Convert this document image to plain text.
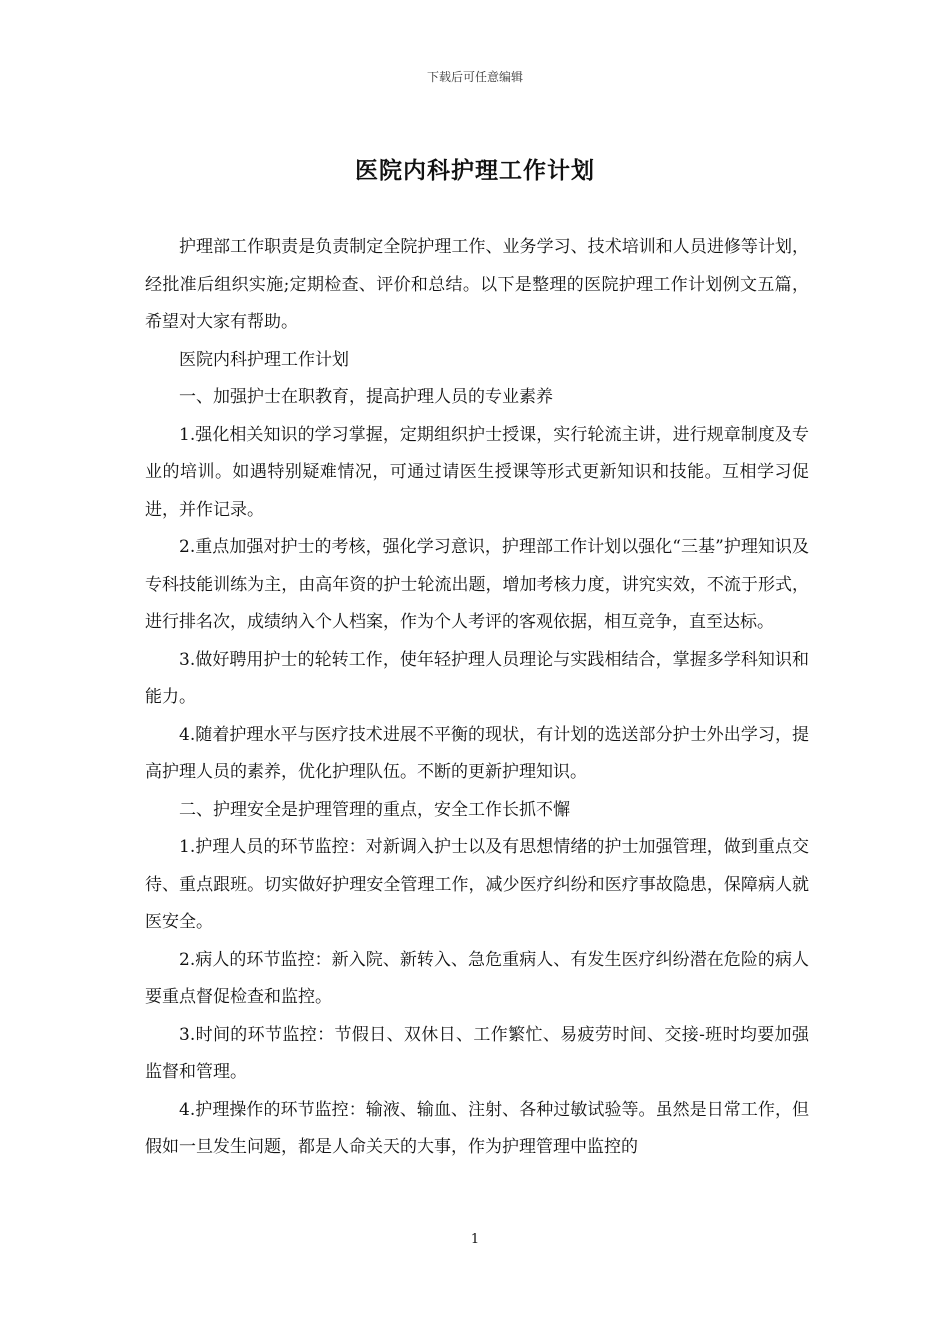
下载后可任意编辑
医院内科护理工作计划

护理部工作职责是负责制定全院护理工作、业务学习、技术培训和人员进修等计划，经批准后组织实施;定期检查、评价和总结。以下是整理的医院护理工作计划例文五篇，希望对大家有帮助。

医院内科护理工作计划

一、加强护士在职教育，提高护理人员的专业素养

1.强化相关知识的学习掌握，定期组织护士授课，实行轮流主讲，进行规章制度及专业的培训。如遇特别疑难情况，可通过请医生授课等形式更新知识和技能。互相学习促进，并作记录。

2.重点加强对护士的考核，强化学习意识，护理部工作计划以强化“三基”护理知识及专科技能训练为主，由高年资的护士轮流出题，增加考核力度，讲究实效，不流于形式，进行排名次，成绩纳入个人档案，作为个人考评的客观依据，相互竞争，直至达标。

3.做好聘用护士的轮转工作，使年轻护理人员理论与实践相结合，掌握多学科知识和能力。

4.随着护理水平与医疗技术进展不平衡的现状，有计划的选送部分护士外出学习，提高护理人员的素养，优化护理队伍。不断的更新护理知识。

二、护理安全是护理管理的重点，安全工作长抓不懈

1.护理人员的环节监控：对新调入护士以及有思想情绪的护士加强管理，做到重点交待、重点跟班。切实做好护理安全管理工作，减少医疗纠纷和医疗事故隐患，保障病人就医安全。

2.病人的环节监控：新入院、新转入、急危重病人、有发生医疗纠纷潜在危险的病人要重点督促检查和监控。

3.时间的环节监控：节假日、双休日、工作繁忙、易疲劳时间、交接-班时均要加强监督和管理。

4.护理操作的环节监控：输液、输血、注射、各种过敏试验等。虽然是日常工作，但假如一旦发生问题，都是人命关天的大事，作为护理管理中监控的

1
